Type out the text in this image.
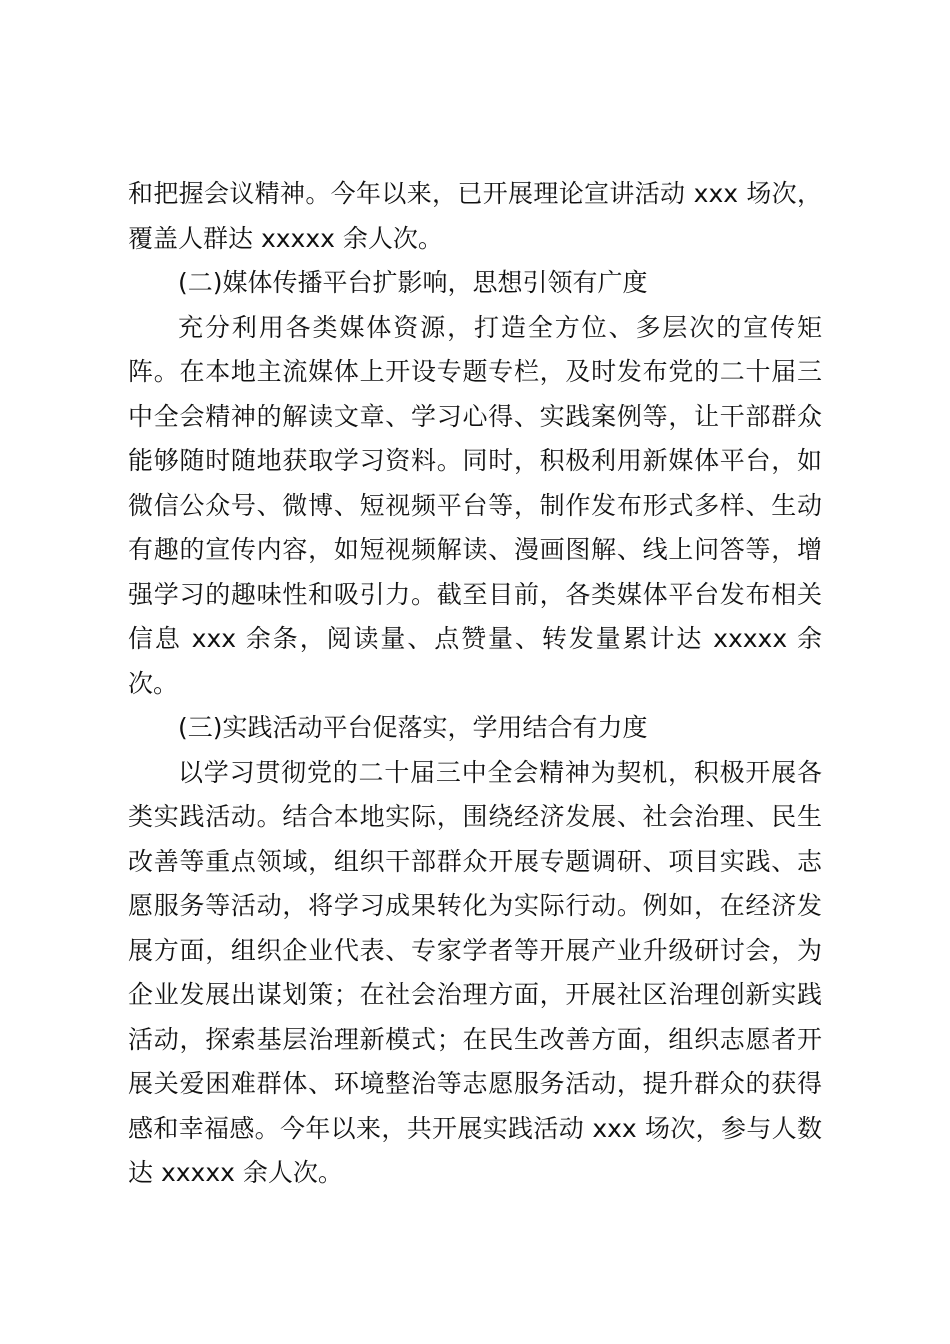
和把握会议精神。今年以来，已开展理论宣讲活动 xxx 场次，覆盖人群达 xxxxx 余人次。

(二)媒体传播平台扩影响，思想引领有广度

充分利用各类媒体资源，打造全方位、多层次的宣传矩阵。在本地主流媒体上开设专题专栏，及时发布党的二十届三中全会精神的解读文章、学习心得、实践案例等，让干部群众能够随时随地获取学习资料。同时，积极利用新媒体平台，如微信公众号、微博、短视频平台等，制作发布形式多样、生动有趣的宣传内容，如短视频解读、漫画图解、线上问答等，增强学习的趣味性和吸引力。截至目前，各类媒体平台发布相关信息 xxx 余条，阅读量、点赞量、转发量累计达 xxxxx 余次。

(三)实践活动平台促落实，学用结合有力度

以学习贯彻党的二十届三中全会精神为契机，积极开展各类实践活动。结合本地实际，围绕经济发展、社会治理、民生改善等重点领域，组织干部群众开展专题调研、项目实践、志愿服务等活动，将学习成果转化为实际行动。例如，在经济发展方面，组织企业代表、专家学者等开展产业升级研讨会，为企业发展出谋划策；在社会治理方面，开展社区治理创新实践活动，探索基层治理新模式；在民生改善方面，组织志愿者开展关爱困难群体、环境整治等志愿服务活动，提升群众的获得感和幸福感。今年以来，共开展实践活动 xxx 场次，参与人数达 xxxxx 余人次。
